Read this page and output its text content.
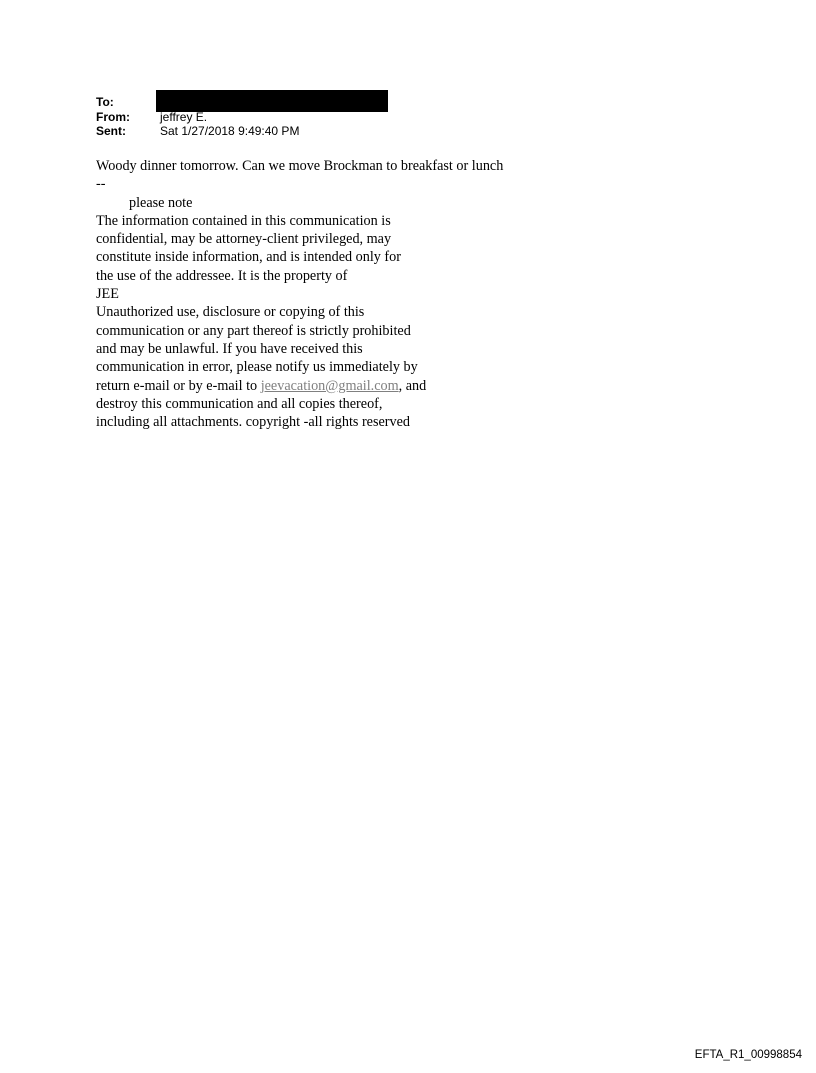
To:
From:	jeffrey E.
Sent:	Sat 1/27/2018 9:49:40 PM
Woody dinner tomorrow. Can we move Brockman to breakfast or lunch
--
please note
The information contained in this communication is
confidential, may be attorney-client privileged, may
constitute inside information, and is intended only for
the use of the addressee. It is the property of
JEE
Unauthorized use, disclosure or copying of this
communication or any part thereof is strictly prohibited
and may be unlawful. If you have received this
communication in error, please notify us immediately by
return e-mail or by e-mail to jeevacation@gmail.com, and
destroy this communication and all copies thereof,
including all attachments. copyright -all rights reserved
EFTA_R1_00998854
